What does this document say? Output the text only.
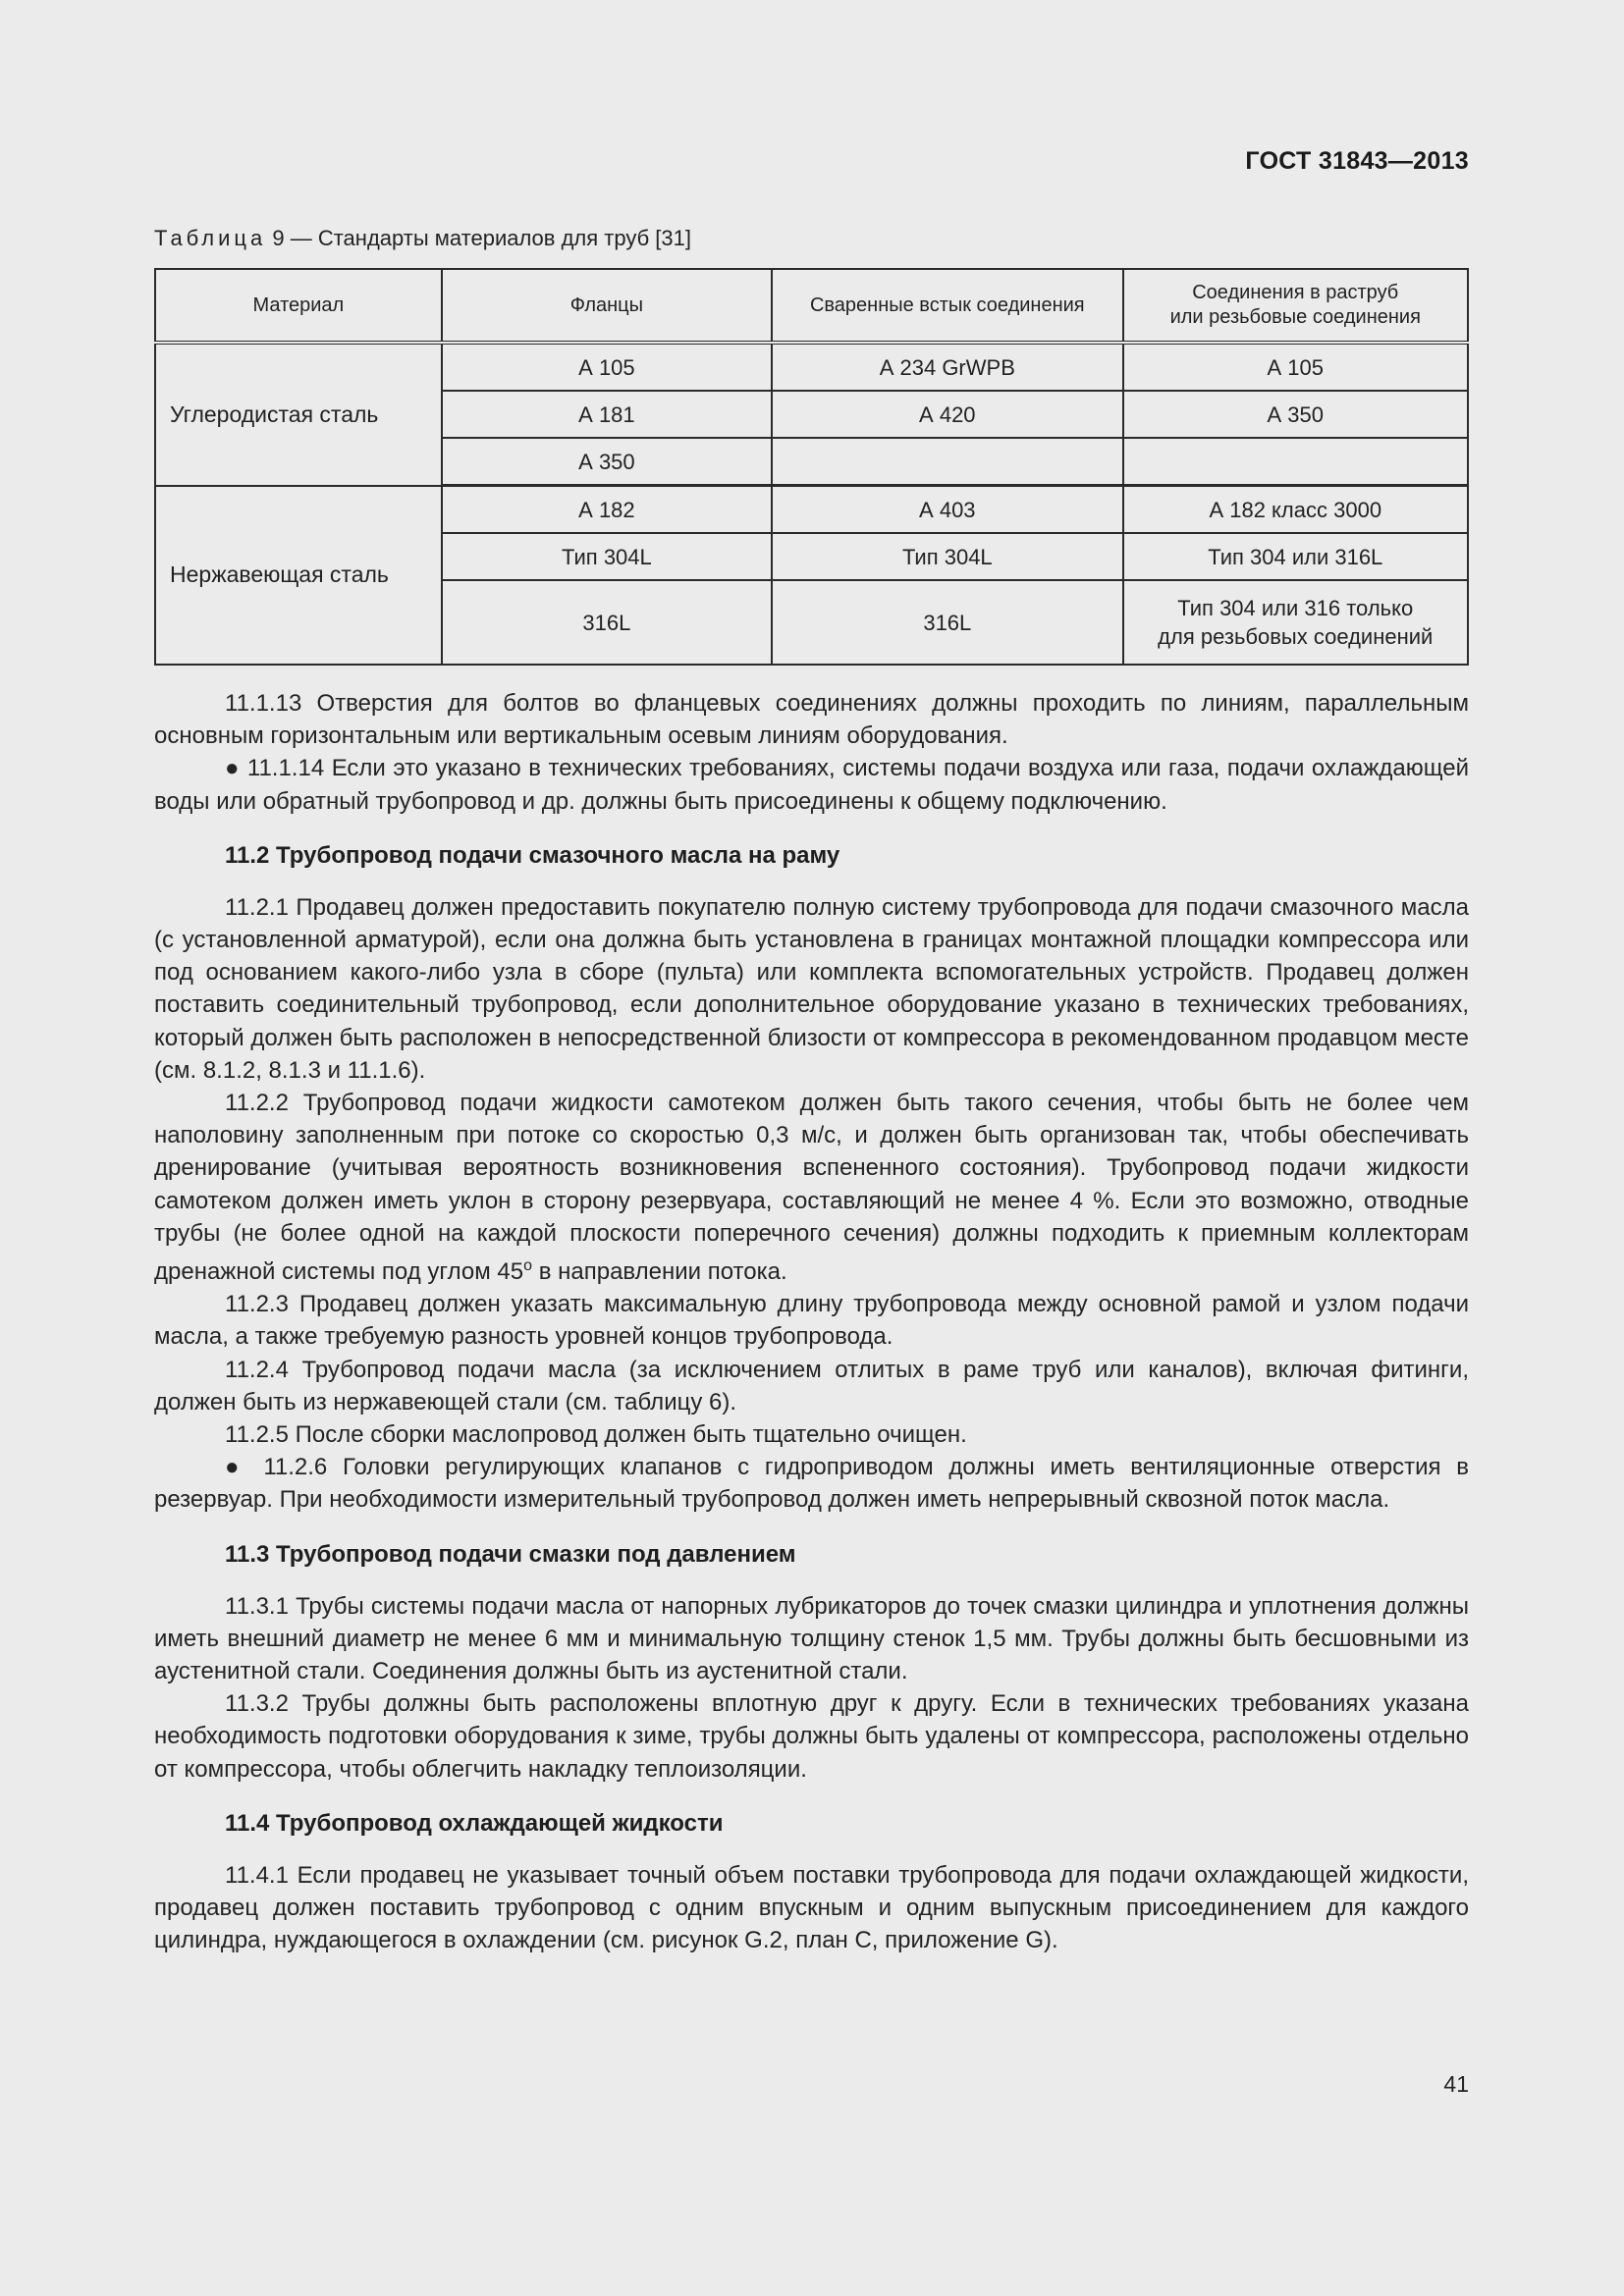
ГОСТ 31843—2013
Таблица 9 — Стандарты материалов для труб [31]
Материал	Фланцы	Сваренные встык соединения	Соединения в раструб
или резьбовые соединения
Углеродистая сталь	А 105	А 234 GrWPB	А 105
	А 181	А 420	А 350
	А 350		
Нержавеющая сталь	А 182	А 403	А 182 класс 3000
	Тип 304L	Тип 304L	Тип 304 или 316L
	316L	316L	Тип 304 или 316 только
для резьбовых соединений

11.1.13 Отверстия для болтов во фланцевых соединениях должны проходить по линиям, параллельным основным горизонтальным или вертикальным осевым линиям оборудования.

● 11.1.14 Если это указано в технических требованиях, системы подачи воздуха или газа, подачи охлаждающей воды или обратный трубопровод и др. должны быть присоединены к общему подключению.

11.2 Трубопровод подачи смазочного масла на раму

11.2.1 Продавец должен предоставить покупателю полную систему трубопровода для подачи смазочного масла (с установленной арматурой), если она должна быть установлена в границах монтажной площадки компрессора или под основанием какого-либо узла в сборе (пульта) или комплекта вспомогательных устройств. Продавец должен поставить соединительный трубопровод, если дополнительное оборудование указано в технических требованиях, который должен быть расположен в непосредственной близости от компрессора в рекомендованном продавцом месте (см. 8.1.2, 8.1.3 и 11.1.6).

11.2.2 Трубопровод подачи жидкости самотеком должен быть такого сечения, чтобы быть не более чем наполовину заполненным при потоке со скоростью 0,3 м/с, и должен быть организован так, чтобы обеспечивать дренирование (учитывая вероятность возникновения вспененного состояния). Трубопровод подачи жидкости самотеком должен иметь уклон в сторону резервуара, составляющий не менее 4 %. Если это возможно, отводные трубы (не более одной на каждой плоскости поперечного сечения) должны подходить к приемным коллекторам дренажной системы под углом $45^о$ в направлении потока.

11.2.3 Продавец должен указать максимальную длину трубопровода между основной рамой и узлом подачи масла, а также требуемую разность уровней концов трубопровода.

11.2.4 Трубопровод подачи масла (за исключением отлитых в раме труб или каналов), включая фитинги, должен быть из нержавеющей стали (см. таблицу 6).

11.2.5 После сборки маслопровод должен быть тщательно очищен.

● 11.2.6 Головки регулирующих клапанов с гидроприводом должны иметь вентиляционные отверстия в резервуар. При необходимости измерительный трубопровод должен иметь непрерывный сквозной поток масла.

11.3 Трубопровод подачи смазки под давлением

11.3.1 Трубы системы подачи масла от напорных лубрикаторов до точек смазки цилиндра и уплотнения должны иметь внешний диаметр не менее 6 мм и минимальную толщину стенок 1,5 мм. Трубы должны быть бесшовными из аустенитной стали. Соединения должны быть из аустенитной стали.

11.3.2 Трубы должны быть расположены вплотную друг к другу. Если в технических требованиях указана необходимость подготовки оборудования к зиме, трубы должны быть удалены от компрессора, расположены отдельно от компрессора, чтобы облегчить накладку теплоизоляции.

11.4 Трубопровод охлаждающей жидкости

11.4.1 Если продавец не указывает точный объем поставки трубопровода для подачи охлаждающей жидкости, продавец должен поставить трубопровод с одним впускным и одним выпускным присоединением для каждого цилиндра, нуждающегося в охлаждении (см. рисунок G.2, план С, приложение G).

41
